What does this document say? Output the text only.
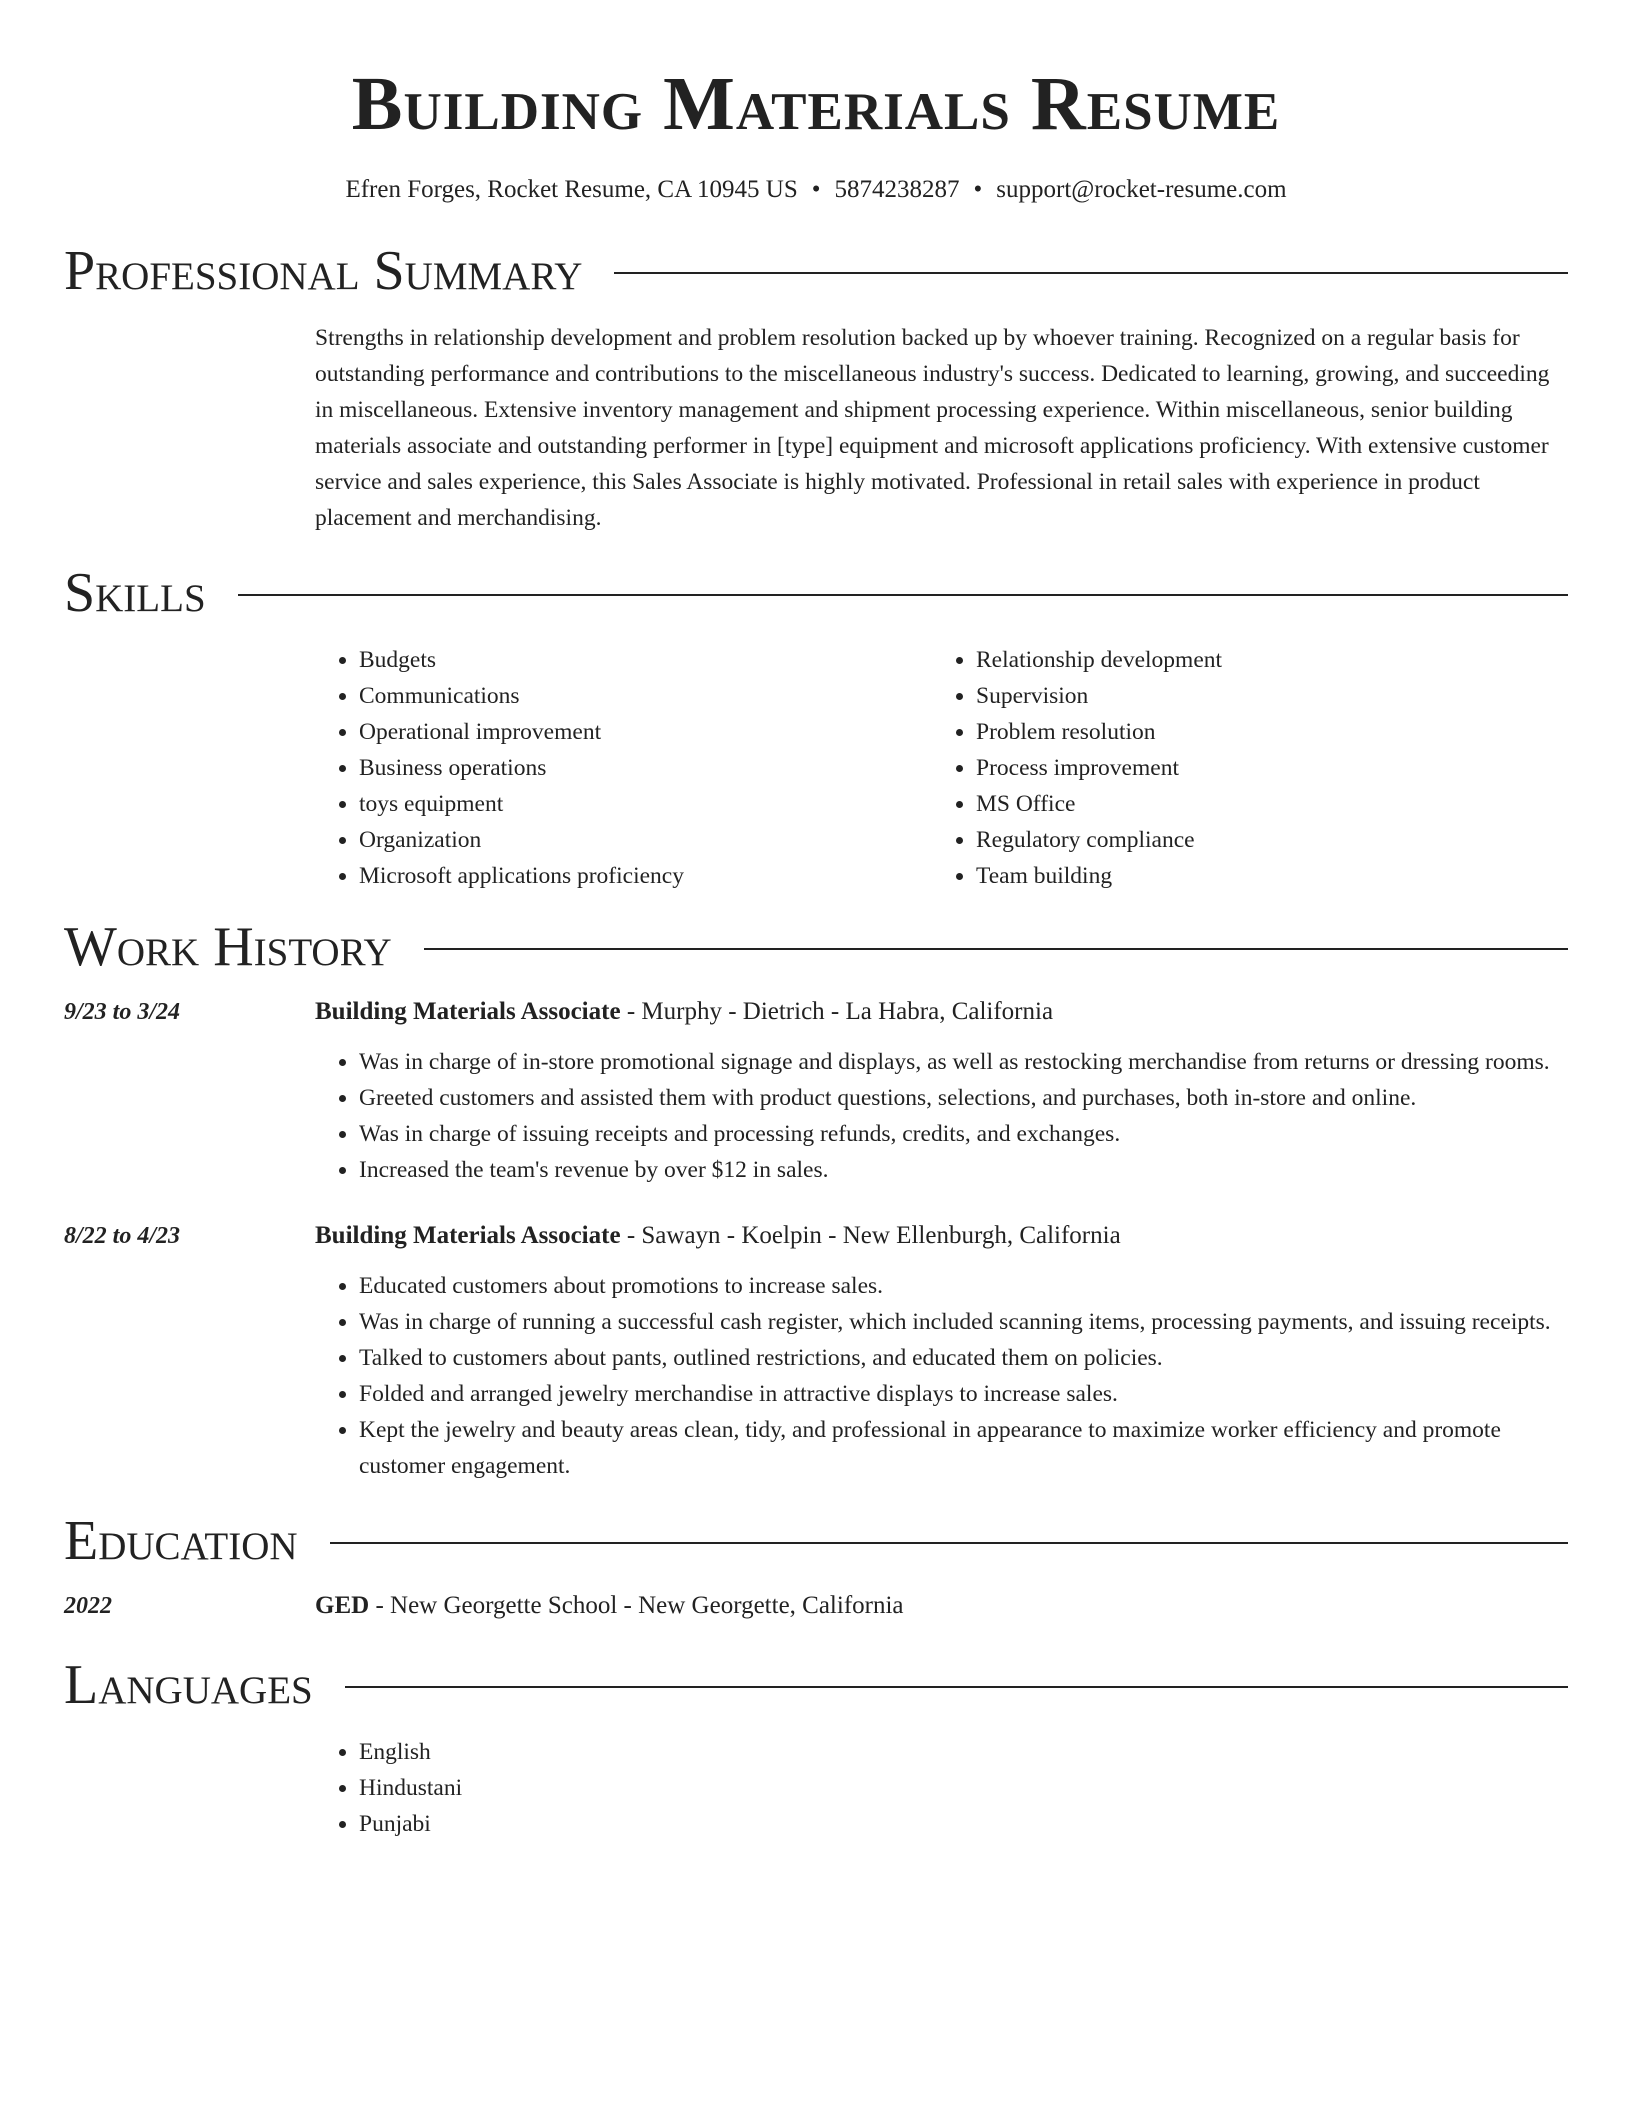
Building Materials Resume
Efren Forges, Rocket Resume, CA 10945 US • 5874238287 • support@rocket-resume.com
Professional Summary

Strengths in relationship development and problem resolution backed up by whoever training. Recognized on a regular basis for outstanding performance and contributions to the miscellaneous industry's success. Dedicated to learning, growing, and succeeding in miscellaneous. Extensive inventory management and shipment processing experience. Within miscellaneous, senior building materials associate and outstanding performer in [type] equipment and microsoft applications proficiency. With extensive customer service and sales experience, this Sales Associate is highly motivated. Professional in retail sales with experience in product placement and merchandising.

Skills
• Budgets
• Communications
• Operational improvement
• Business operations
• toys equipment
• Organization
• Microsoft applications proficiency
• Relationship development
• Supervision
• Problem resolution
• Process improvement
• MS Office
• Regulatory compliance
• Team building
Work History
9/23 to 3/24	Building Materials Associate - Murphy - Dietrich - La Habra, California
• Was in charge of in-store promotional signage and displays, as well as restocking merchandise from returns or dressing rooms.
• Greeted customers and assisted them with product questions, selections, and purchases, both in-store and online.
• Was in charge of issuing receipts and processing refunds, credits, and exchanges.
• Increased the team's revenue by over $12 in sales.
8/22 to 4/23	Building Materials Associate - Sawayn - Koelpin - New Ellenburgh, California
• Educated customers about promotions to increase sales.
• Was in charge of running a successful cash register, which included scanning items, processing payments, and issuing receipts.
• Talked to customers about pants, outlined restrictions, and educated them on policies.
• Folded and arranged jewelry merchandise in attractive displays to increase sales.
• Kept the jewelry and beauty areas clean, tidy, and professional in appearance to maximize worker efficiency and promote customer engagement.
Education
2022	GED - New Georgette School - New Georgette, California
Languages
• English
• Hindustani
• Punjabi
